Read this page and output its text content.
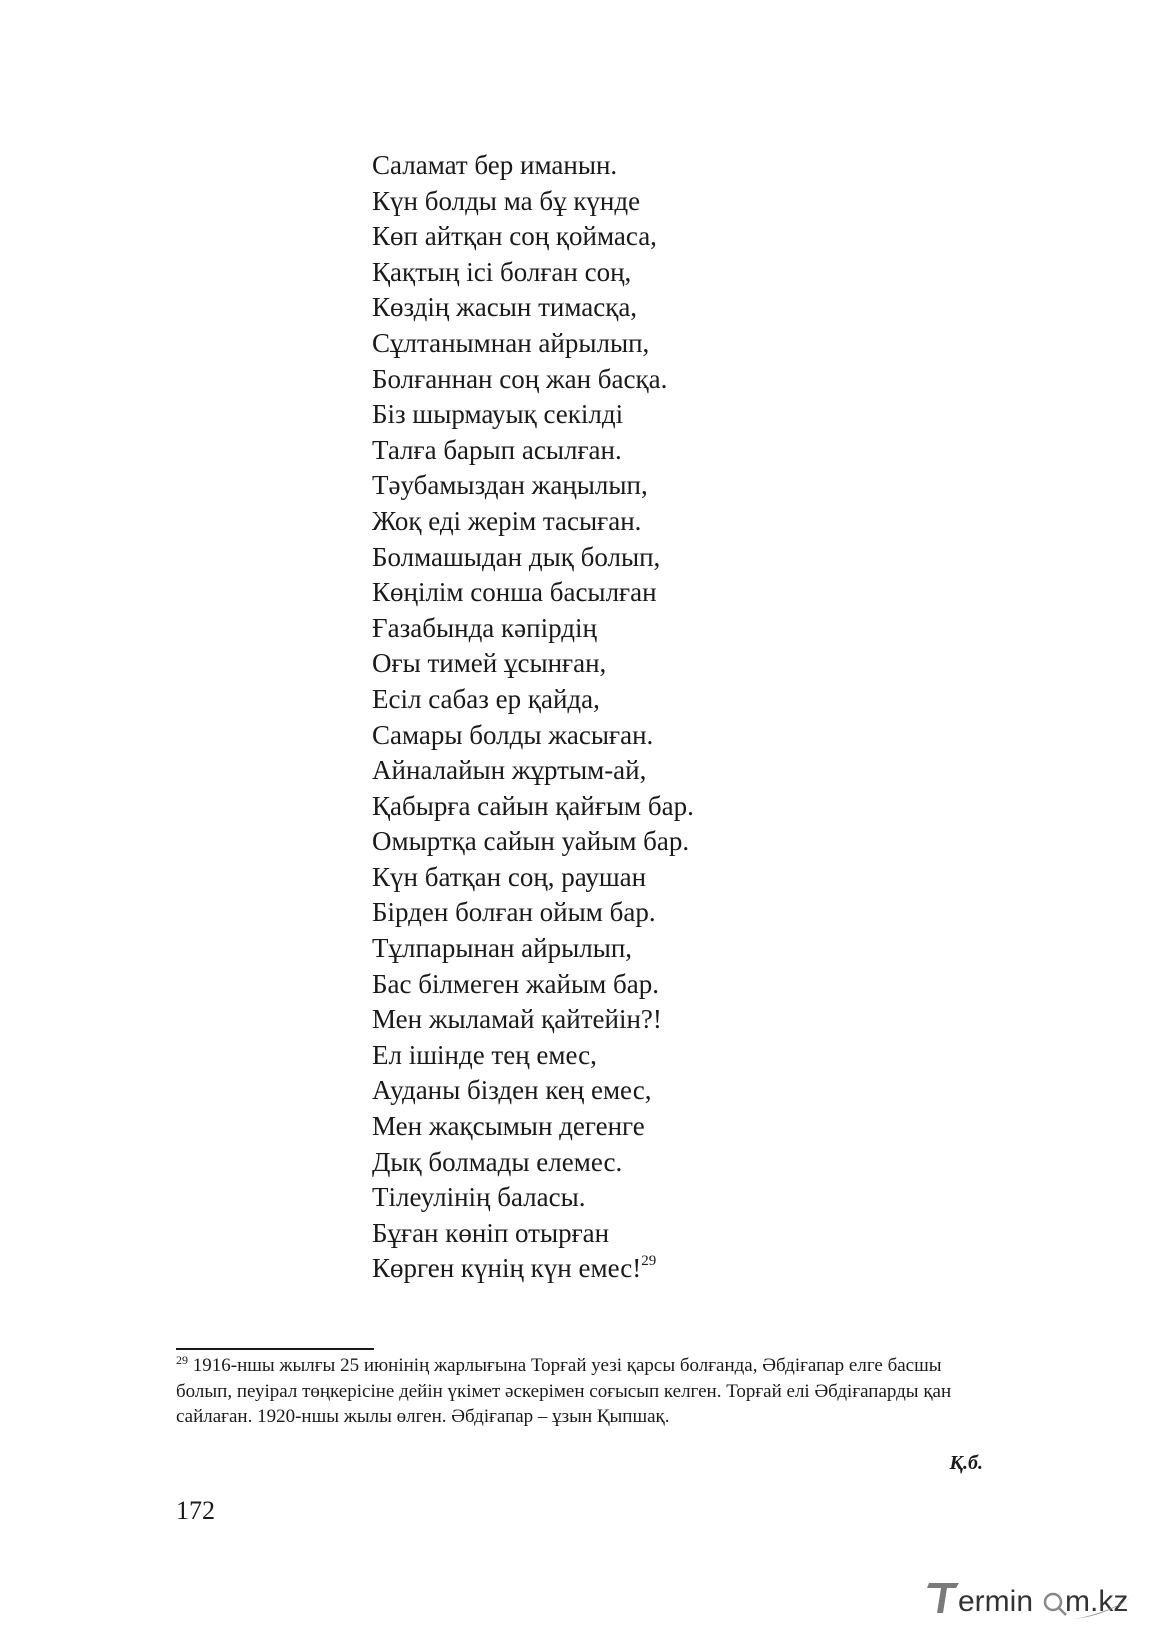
Саламат бер иманын.
Күн болды ма бұ күнде
Көп айтқан соң қоймаса,
Қақтың ісі болған соң,
Көздің жасын тимасқа,
Сұлтанымнан айрылып,
Болғаннан соң жан басқа.
Біз шырмауық секілді
Талға барып асылған.
Тәубамыздан жаңылып,
Жоқ еді жерім тасыған.
Болмашыдан дық болып,
Көңілім сонша басылған
Ғазабында кәпірдің
Оғы тимей ұсынған,
Есіл сабаз ер қайда,
Самары болды жасыған.
Айналайын жұртым-ай,
Қабырға сайын қайғым бар.
Омыртқа сайын уайым бар.
Күн батқан соң, раушан
Бірден болған ойым бар.
Тұлпарынан айрылып,
Бас білмеген жайым бар.
Мен жыламай қайтейін?!
Ел ішінде тең емес,
Ауданы бізден кең емес,
Мен жақсымын дегенге
Дық болмады елемес.
Тілеулінің баласы.
Бұған көніп отырған
Көрген күнің күн емес!$^{29}$

$^{29}$ 1916-ншы жылғы 25 июнінің жарлығына Торғай уезі қарсы болғанда, Әбдіғапар елге басшы болып, пеуірал төңкерісіне дейін үкімет әскерімен соғысып келген. Торғай елі Әбдіғапарды қан сайлаған. 1920-ншы жылы өлген. Әбдіғапар – ұзын Қыпшақ.

Қ.б.
172
ermin m.kz
